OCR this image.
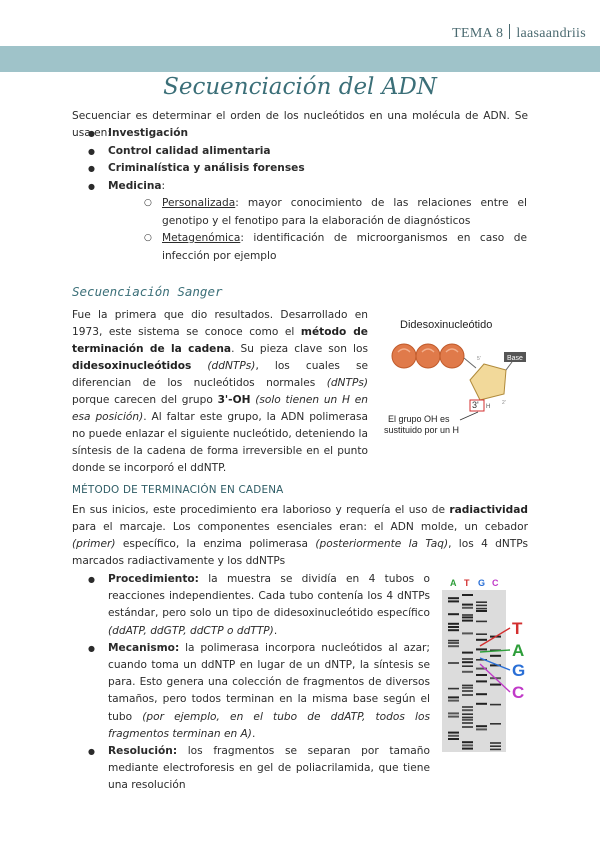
TEMA 8 laasaandriis
Secuenciación del ADN
Secuenciar es determinar el orden de los nucleótidos en una molécula de ADN. Se usa en:
● Investigación
● Control calidad alimentaria
● Criminalística y análisis forenses
● Medicina:
○ Personalizada: mayor conocimiento de las relaciones entre el genotipo y el fenotipo para la elaboración de diagnósticos
○ Metagenómica: identificación de microorganismos en caso de infección por ejemplo
Secuenciación Sanger
Fue la primera que dio resultados. Desarrollado en 1973, este sistema se conoce como el método de terminación de la cadena. Su pieza clave son los didesoxinucleótidos (ddNTPs), los cuales se diferencian de los nucleótidos normales (dNTPs) porque carecen del grupo 3'-OH (solo tienen un H en esa posición). Al faltar este grupo, la ADN polimerasa no puede enlazar el siguiente nucleótido, deteniendo la síntesis de la cadena de forma irreversible en el punto donde se incorporó el ddNTP.
Didesoxinucleótido
Base
5'
3' H
2'
El grupo OH es
sustituido por un H
MÉTODO DE TERMINACIÓN EN CADENA
En sus inicios, este procedimiento era laborioso y requería el uso de radiactividad para el marcaje. Los componentes esenciales eran: el ADN molde, un cebador (primer) específico, la enzima polimerasa (posteriormente la Taq), los 4 dNTPs marcados radiactivamente y los ddNTPs
● Procedimiento: la muestra se dividía en 4 tubos o reacciones independientes. Cada tubo contenía los 4 dNTPs estándar, pero solo un tipo de didesoxinucleótido específico (ddATP, ddGTP, ddCTP o ddTTP).
● Mecanismo: la polimerasa incorpora nucleótidos al azar; cuando toma un ddNTP en lugar de un dNTP, la síntesis se para. Esto genera una colección de fragmentos de diversos tamaños, pero todos terminan en la misma base según el tubo (por ejemplo, en el tubo de ddATP, todos los fragmentos terminan en A).
● Resolución: los fragmentos se separan por tamaño mediante electroforesis en gel de poliacrilamida, que tiene una resolución
A T G C
T
A
G
C
